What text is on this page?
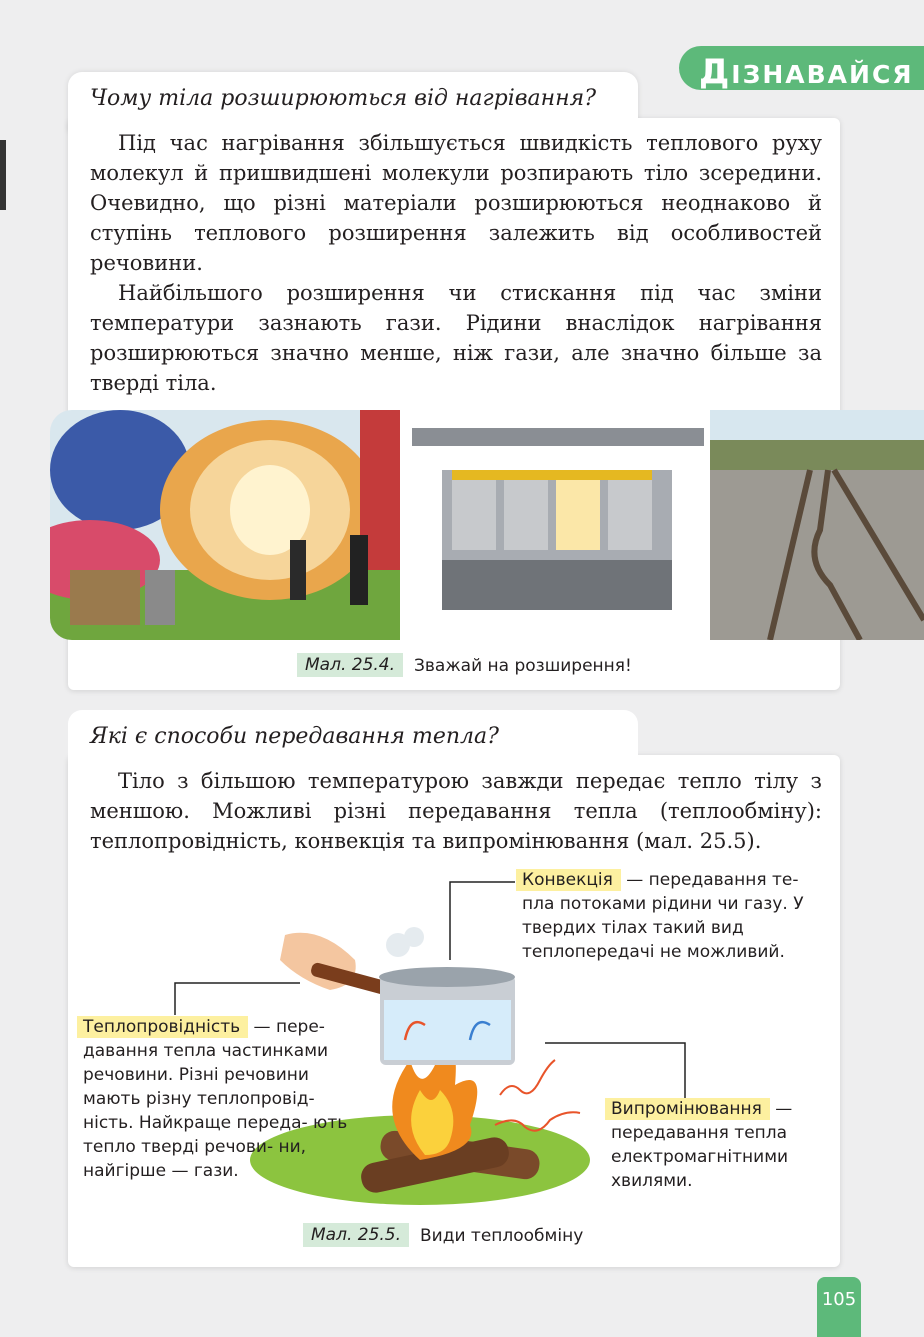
ДІЗНАВАЙСЯ
Чому тіла розширюються від нагрівання?

Під час нагрівання збільшується швидкість теплового руху молекул й пришвидшені молекули розпирають тіло зсередини. Очевидно, що різні матеріали розширюються неоднаково й ступінь теплового розширення залежить від особливостей речовини.

Найбільшого розширення чи стискання під час зміни температури зазнають гази. Рідини внаслідок нагрівання розширюються значно менше, ніж гази, але значно більше за тверді тіла.

Мал. 25.4.	Зважай на розширення!
Які є способи передавання тепла?

Тіло з більшою температурою завжди передає тепло тілу з меншою. Можливі різні передавання тепла (теплообміну): теплопровідність, конвекція та випромінювання (мал. 25.5).

Конвекція — передавання те-

пла потоками рідини чи газу. У твердих тілах такий вид теплопередачі не можливий.
Теплопровідність — пере-

давання тепла частинками речовини. Різні речовини мають різну теплопровід- ність. Найкраще переда- ють тепло тверді речови- ни, найгірше — гази.
Випромінювання —

передавання тепла електромагнітними хвилями.
Мал. 25.5.	Види теплообміну
105
